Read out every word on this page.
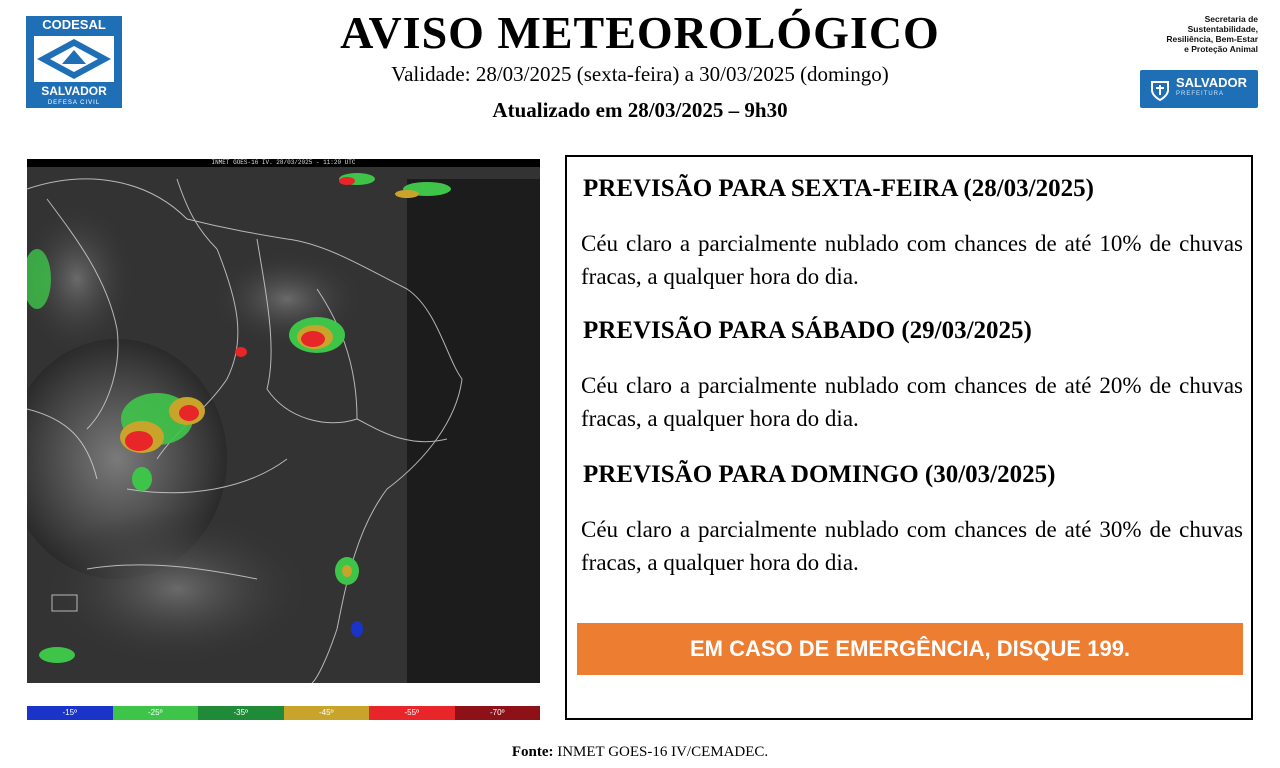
CODESAL
SALVADOR
DEFESA CIVIL
AVISO METEOROLÓGICO
Validade: 28/03/2025 (sexta-feira) a 30/03/2025 (domingo)
Atualizado em 28/03/2025 – 9h30
Secretaria de
Sustentabilidade,
Resiliência, Bem-Estar
e Proteção Animal
SALVADOR
PREFEITURA
INMET GOES-16 IV. 28/03/2025 - 11:20 UTC
-15º	-25º	-35º	-45º	-55º	-70º
PREVISÃO PARA SEXTA-FEIRA (28/03/2025)
Céu claro a parcialmente nublado com chances de até 10% de chuvas fracas, a qualquer hora do dia.
PREVISÃO PARA SÁBADO (29/03/2025)
Céu claro a parcialmente nublado com chances de até 20% de chuvas fracas, a qualquer hora do dia.
PREVISÃO PARA DOMINGO (30/03/2025)
Céu claro a parcialmente nublado com chances de até 30% de chuvas fracas, a qualquer hora do dia.
EM CASO DE EMERGÊNCIA, DISQUE 199.
Fonte: INMET GOES-16 IV/CEMADEC.
